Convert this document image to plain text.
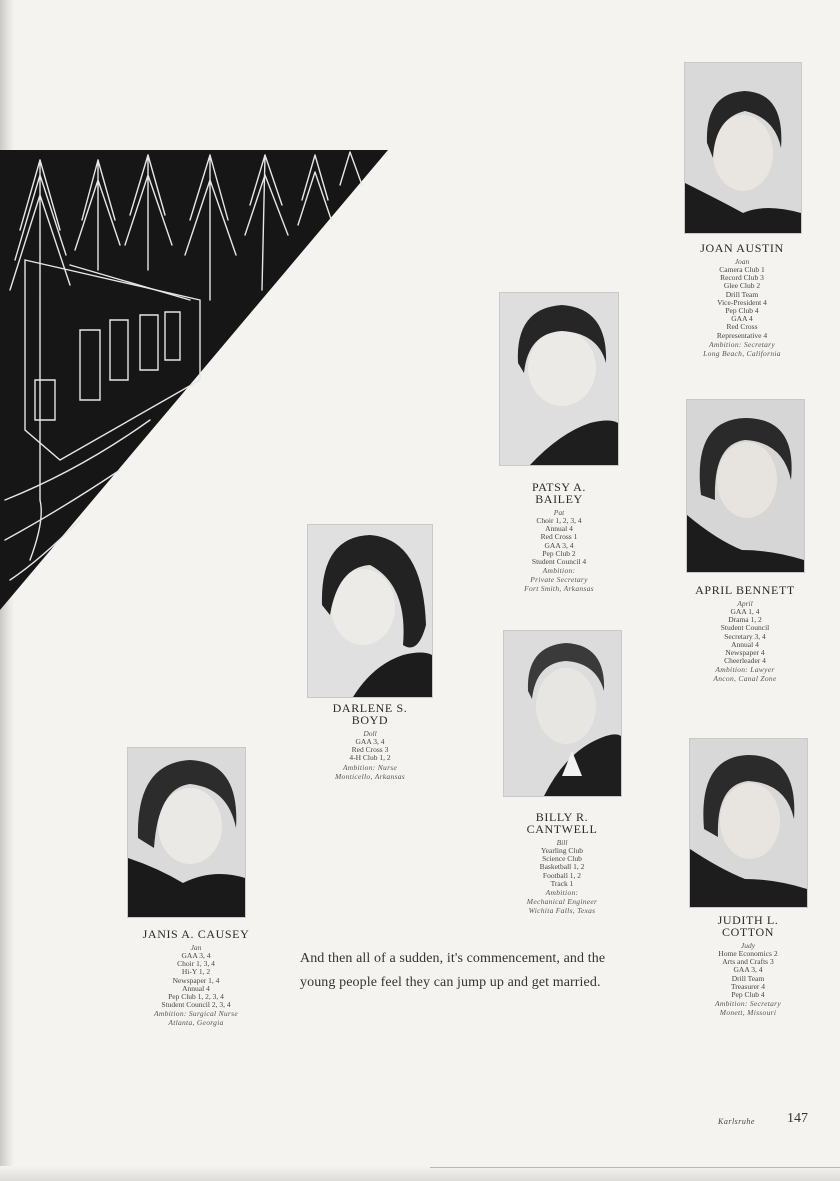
JOAN AUSTIN
Joan
Camera Club 1
Record Club 3
Glee Club 2
Drill Team
Vice-President 4
Pep Club 4
GAA 4
Red Cross
Representative 4
Ambition: Secretary
Long Beach, California
PATSY A.
BAILEY
Pat
Choir 1, 2, 3, 4
Annual 4
Red Cross 1
GAA 3, 4
Pep Club 2
Student Council 4
Ambition:
Private Secretary
Fort Smith, Arkansas	APRIL BENNETT
April
GAA 1, 4
Drama 1, 2
Student Council
Secretary 3, 4
Annual 4
Newspaper 4
Cheerleader 4
Ambition: Lawyer
Ancon, Canal Zone
DARLENE S.
BOYD
Doll
GAA 3, 4
Red Cross 3
4-H Club 1, 2
Ambition: Nurse
Monticello, Arkansas
BILLY R.
CANTWELL
Bill
Yearling Club
Science Club
Basketball 1, 2
Football 1, 2
Track 1
Ambition:
Mechanical Engineer
Wichita Falls, Texas
JANIS A. CAUSEY
Jan
GAA 3, 4
Choir 1, 3, 4
Hi-Y 1, 2
Newspaper 1, 4
Annual 4
Pep Club 1, 2, 3, 4
Student Council 2, 3, 4
Ambition: Surgical Nurse
Atlanta, Georgia
JUDITH L.
COTTON
Judy
Home Economics 2
Arts and Crafts 3
GAA 3, 4
Drill Team
Treasurer 4
Pep Club 4
Ambition: Secretary
Monett, Missouri
And then all of a sudden, it's commencement, and the young people feel they can jump up and get married.
Karlsruhe 147
